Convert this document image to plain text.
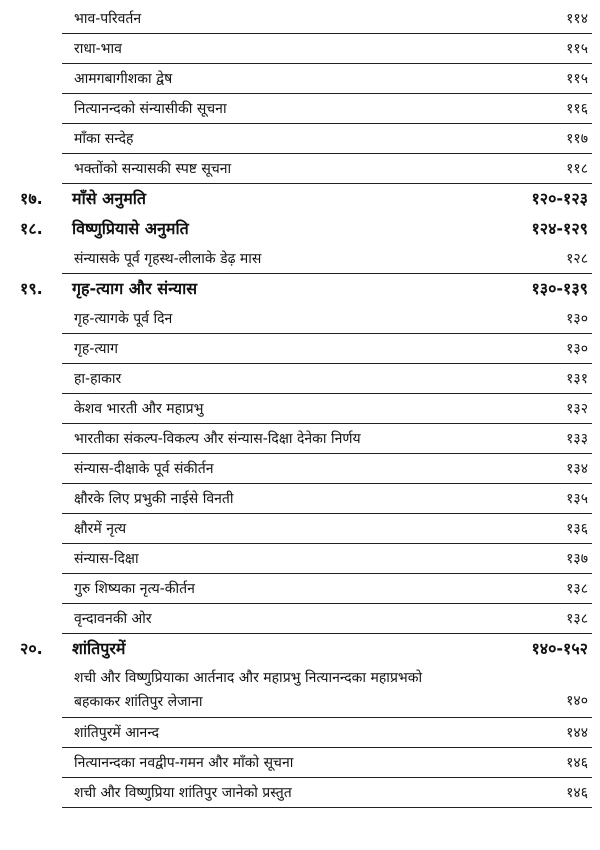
भाव-परिवर्तन	११४
राधा-भाव	११५
आमगबागीशका द्वेष	११५
नित्यानन्दको संन्यासीकी सूचना	११६
माँका सन्देह	११७
भक्तोंको सन्यासकी स्पष्ट सूचना	११८
१७. माँसे अनुमति	१२०-१२३
१८. विष्णुप्रियासे अनुमति	१२४-१२९
संन्यासके पूर्व गृहस्थ-लीलाके डेढ़ मास	१२८
१९. गृह-त्याग और संन्यास	१३०-१३९
गृह-त्यागके पूर्व दिन	१३०
गृह-त्याग	१३०
हा-हाकार	१३१
केशव भारती और महाप्रभु	१३२
भारतीका संकल्प-विकल्प और संन्यास-दिक्षा देनेका निर्णय	१३३
संन्यास-दीक्षाके पूर्व संकीर्तन	१३४
क्षौरके लिए प्रभुकी नाईसे विनती	१३५
क्षौरमें नृत्य	१३६
संन्यास-दिक्षा	१३७
गुरु शिष्यका नृत्य-कीर्तन	१३८
वृन्दावनकी ओर	१३८
२०. शांतिपुरमें	१४०-१५२
शची और विष्णुप्रियाका आर्तनाद और महाप्रभु नित्यानन्दका महाप्रभको
बहकाकर शांतिपुर लेजाना	१४०
शांतिपुरमें आनन्द	१४४
नित्यानन्दका नवद्वीप-गमन और माँको सूचना	१४६
शची और विष्णुप्रिया शांतिपुर जानेको प्रस्तुत	१४६
